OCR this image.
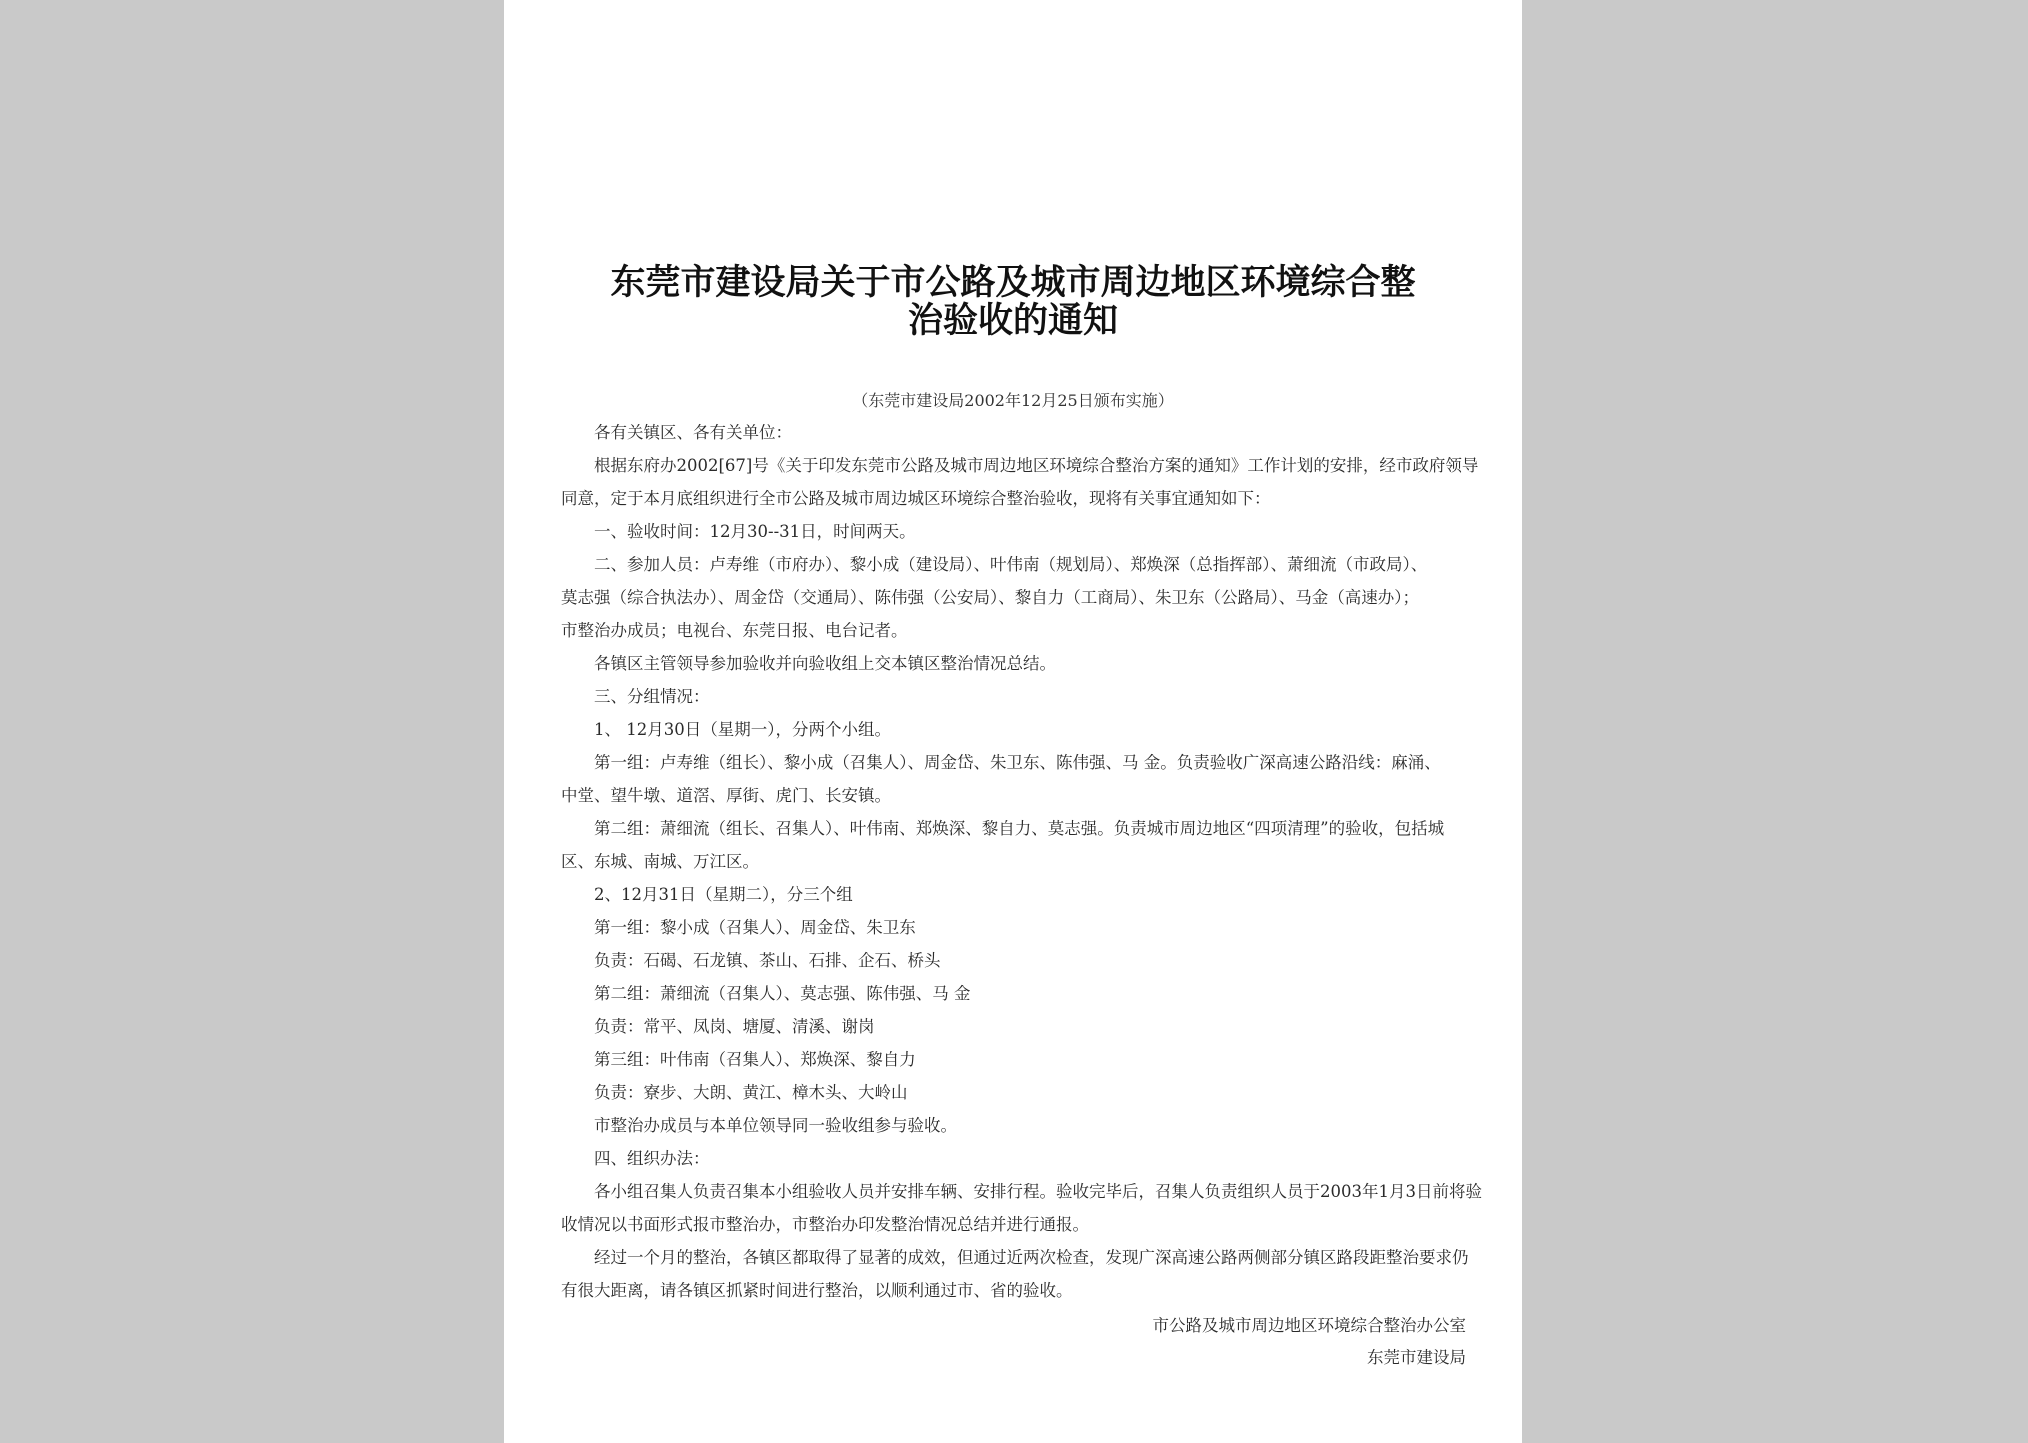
东莞市建设局关于市公路及城市周边地区环境综合整
治验收的通知
（东莞市建设局2002年12月25日颁布实施）
各有关镇区、各有关单位：
根据东府办2002[67]号《关于印发东莞市公路及城市周边地区环境综合整治方案的通知》工作计划的安排，经市政府领导
同意，定于本月底组织进行全市公路及城市周边城区环境综合整治验收，现将有关事宜通知如下：
一、验收时间：12月30--31日，时间两天。
二、参加人员：卢寿维（市府办）、黎小成（建设局）、叶伟南（规划局）、郑焕深（总指挥部）、萧细流（市政局）、
莫志强（综合执法办）、周金岱（交通局）、陈伟强（公安局）、黎自力（工商局）、朱卫东（公路局）、马金（高速办）；
市整治办成员；电视台、东莞日报、电台记者。
各镇区主管领导参加验收并向验收组上交本镇区整治情况总结。
三、分组情况：
1、 12月30日（星期一），分两个小组。
第一组：卢寿维（组长）、黎小成（召集人）、周金岱、朱卫东、陈伟强、马 金。负责验收广深高速公路沿线：麻涌、
中堂、望牛墩、道滘、厚街、虎门、长安镇。
第二组：萧细流（组长、召集人）、叶伟南、郑焕深、黎自力、莫志强。负责城市周边地区“四项清理”的验收，包括城
区、东城、南城、万江区。
2、12月31日（星期二），分三个组
第一组：黎小成（召集人）、周金岱、朱卫东
负责：石碣、石龙镇、茶山、石排、企石、桥头
第二组：萧细流（召集人）、莫志强、陈伟强、马 金
负责：常平、凤岗、塘厦、清溪、谢岗
第三组：叶伟南（召集人）、郑焕深、黎自力
负责：寮步、大朗、黄江、樟木头、大岭山
市整治办成员与本单位领导同一验收组参与验收。
四、组织办法：
各小组召集人负责召集本小组验收人员并安排车辆、安排行程。验收完毕后，召集人负责组织人员于2003年1月3日前将验
收情况以书面形式报市整治办，市整治办印发整治情况总结并进行通报。
经过一个月的整治，各镇区都取得了显著的成效，但通过近两次检查，发现广深高速公路两侧部分镇区路段距整治要求仍
有很大距离，请各镇区抓紧时间进行整治，以顺利通过市、省的验收。
市公路及城市周边地区环境综合整治办公室
东莞市建设局
